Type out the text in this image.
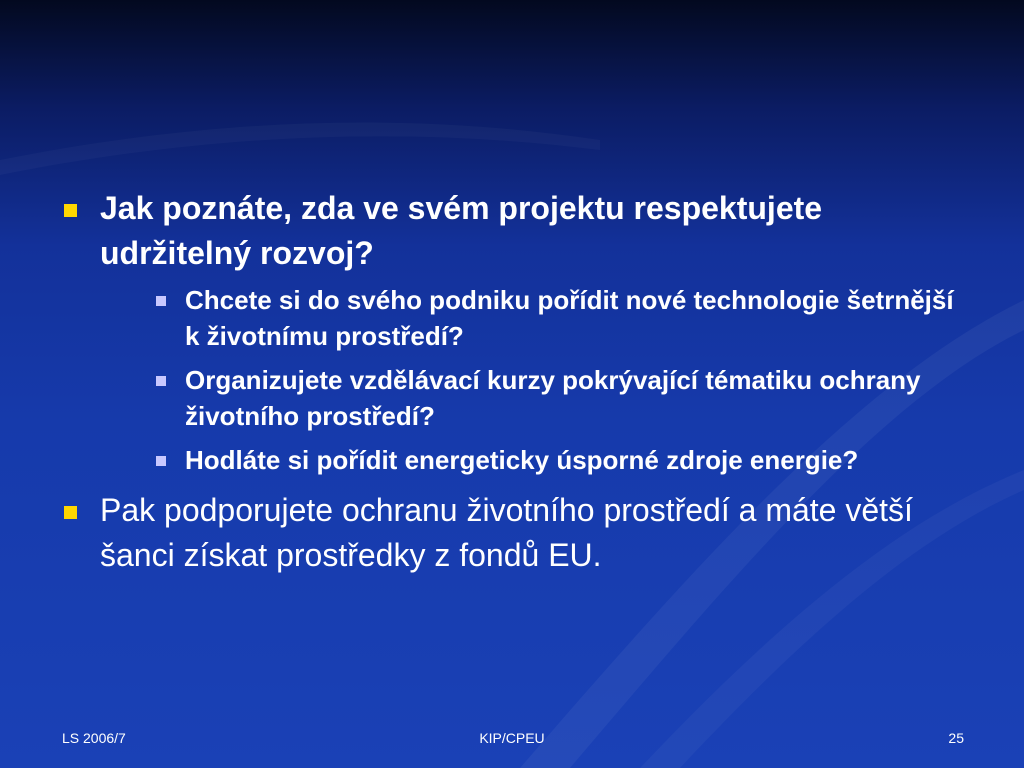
Jak poznáte, zda ve svém projektu respektujete udržitelný rozvoj?
Chcete si do svého podniku pořídit nové technologie šetrnější k životnímu prostředí?
Organizujete vzdělávací kurzy pokrývající tématiku ochrany životního prostředí?
Hodláte si pořídit energeticky úsporné zdroje energie?
Pak podporujete ochranu životního prostředí a máte větší šanci získat prostředky z fondů EU.
LS 2006/7	KIP/CPEU	25
